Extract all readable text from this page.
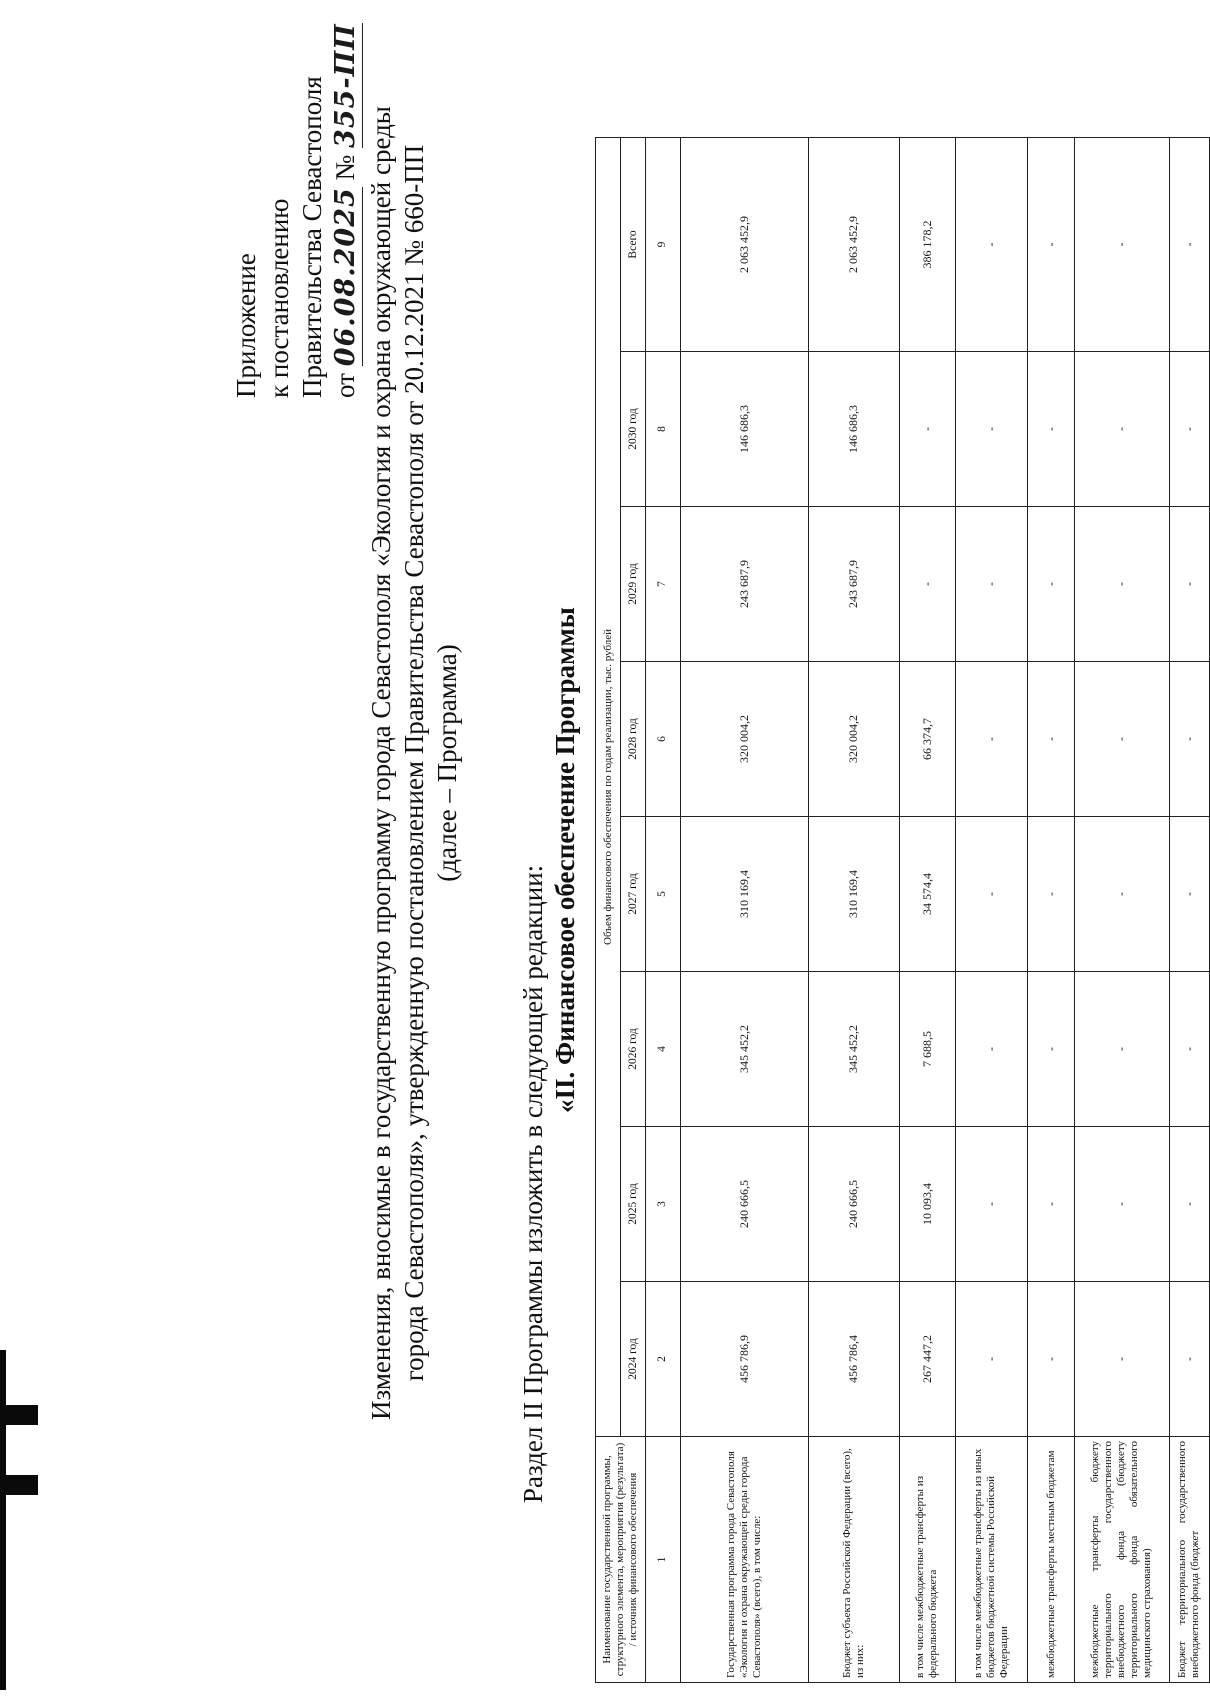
Приложение к постановлению Правительства Севастополя от 06.08.2025 № 355-ПП
Изменения, вносимые в государственную программу города Севастополя «Экология и охрана окружающей среды города Севастополя», утвержденную постановлением Правительства Севастополя от 20.12.2021 № 660-ПП (далее – Программа)
Раздел II Программы изложить в следующей редакции:
«II. Финансовое обеспечение Программы
Наименование государственной программы, структурного элемента, мероприятия (результата) / источник финансового обеспечения	Объем финансового обеспечения по годам реализации, тыс. рублей							
	2024 год	2025 год	2026 год	2027 год	2028 год	2029 год	2030 год	Всего
1	2	3	4	5	6	7	8	9
Государственная программа города Севастополя «Экология и охрана окружающей среды города Севастополя» (всего), в том числе:	456 786,9	240 666,5	345 452,2	310 169,4	320 004,2	243 687,9	146 686,3	2 063 452,9
Бюджет субъекта Российской Федерации (всего), из них:	456 786,4	240 666,5	345 452,2	310 169,4	320 004,2	243 687,9	146 686,3	2 063 452,9
в том числе межбюджетные трансферты из федерального бюджета	267 447,2	10 093,4	7 688,5	34 574,4	66 374,7	-	-	386 178,2
в том числе межбюджетные трансферты из иных бюджетов бюджетной системы Российской Федерации	-	-	-	-	-	-	-	-
межбюджетные трансферты местным бюджетам	-	-	-	-	-	-	-	-
межбюджетные трансферты бюджету территориального государственного внебюджетного фонда (бюджету территориального фонда обязательного медицинского страхования)	-	-	-	-	-	-	-	-
Бюджет территориального государственного внебюджетного фонда (бюджет	-	-	-	-	-	-	-	-
